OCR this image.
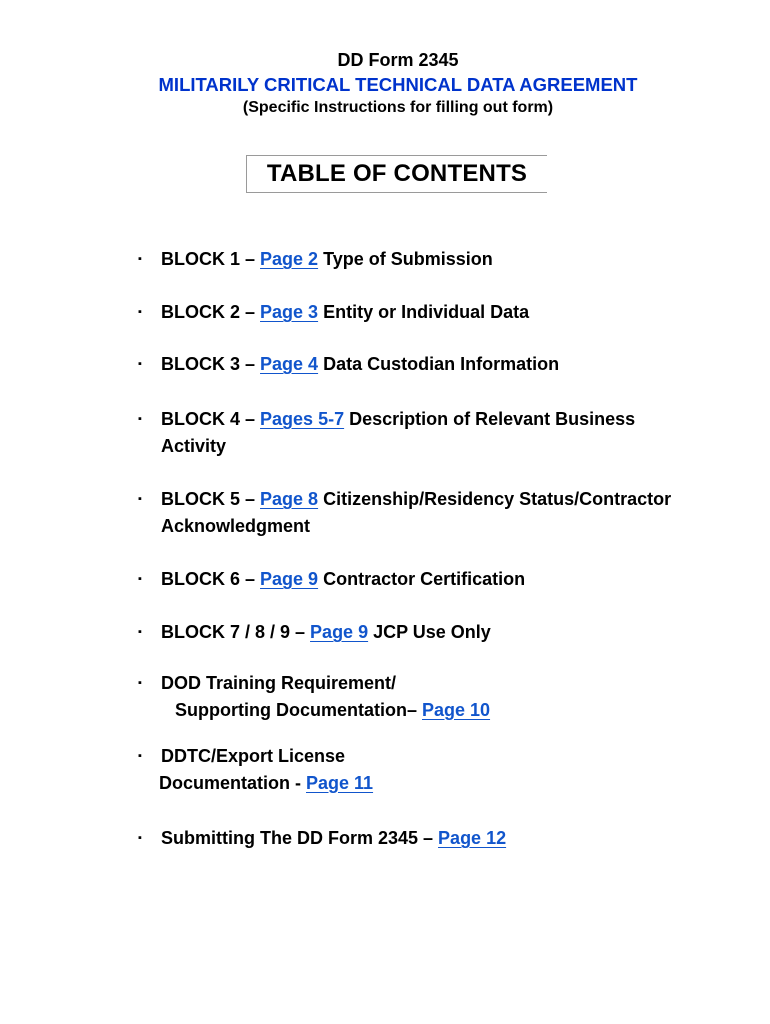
DD Form 2345
MILITARILY CRITICAL TECHNICAL DATA AGREEMENT
(Specific Instructions for filling out form)
TABLE OF CONTENTS
▪	BLOCK 1 – Page 2 Type of Submission
▪	BLOCK 2 – Page 3 Entity or Individual Data
▪	BLOCK 3 – Page 4 Data Custodian Information
▪	BLOCK 4 – Pages 5-7 Description of Relevant Business
Activity
▪	BLOCK 5 – Page 8 Citizenship/Residency Status/Contractor
Acknowledgment
▪	BLOCK 6 – Page 9 Contractor Certification
▪	BLOCK 7 / 8 / 9 – Page 9 JCP Use Only
▪	DOD Training Requirement/
Supporting Documentation– Page 10
▪	DDTC/Export License
Documentation - Page 11
▪	Submitting The DD Form 2345 – Page 12
